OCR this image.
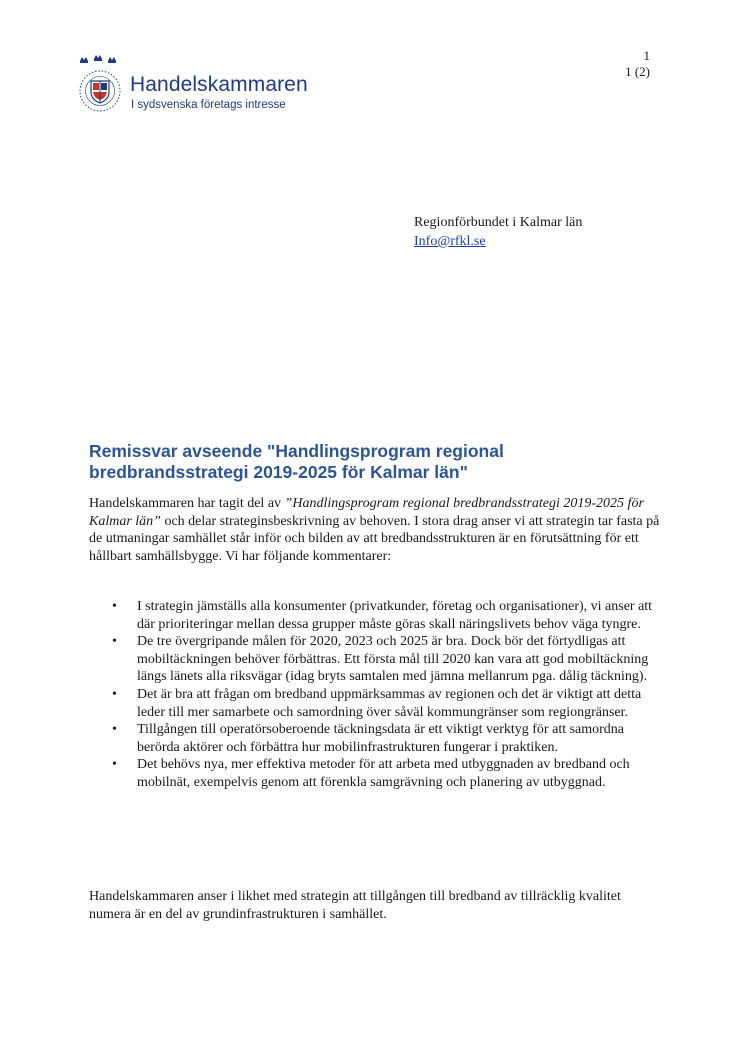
Handelskammaren
I sydsvenska företags intresse
1
1 (2)
Regionförbundet i Kalmar län
Info@rfkl.se
Remissvar avseende "Handlingsprogram regional bredbrandsstrategi 2019-2025 för Kalmar län"

Handelskammaren har tagit del av ”Handlingsprogram regional bredbrandsstrategi 2019-2025 för Kalmar län” och delar strateginsbeskrivning av behoven. I stora drag anser vi att strategin tar fasta på de utmaningar samhället står inför och bilden av att bredbandsstrukturen är en förutsättning för ett hållbart samhällsbygge. Vi har följande kommentarer:

• I strategin jämställs alla konsumenter (privatkunder, företag och organisationer), vi anser att där prioriteringar mellan dessa grupper måste göras skall näringslivets behov väga tyngre.
• De tre övergripande målen för 2020, 2023 och 2025 är bra. Dock bör det förtydligas att mobiltäckningen behöver förbättras. Ett första mål till 2020 kan vara att god mobiltäckning längs länets alla riksvägar (idag bryts samtalen med jämna mellanrum pga. dålig täckning).
• Det är bra att frågan om bredband uppmärksammas av regionen och det är viktigt att detta leder till mer samarbete och samordning över såväl kommungränser som regiongränser.
• Tillgången till operatörsoberoende täckningsdata är ett viktigt verktyg för att samordna berörda aktörer och förbättra hur mobilinfrastrukturen fungerar i praktiken.
• Det behövs nya, mer effektiva metoder för att arbeta med utbyggnaden av bredband och mobilnät, exempelvis genom att förenkla samgrävning och planering av utbyggnad.

Handelskammaren anser i likhet med strategin att tillgången till bredband av tillräcklig kvalitet numera är en del av grundinfrastrukturen i samhället.
